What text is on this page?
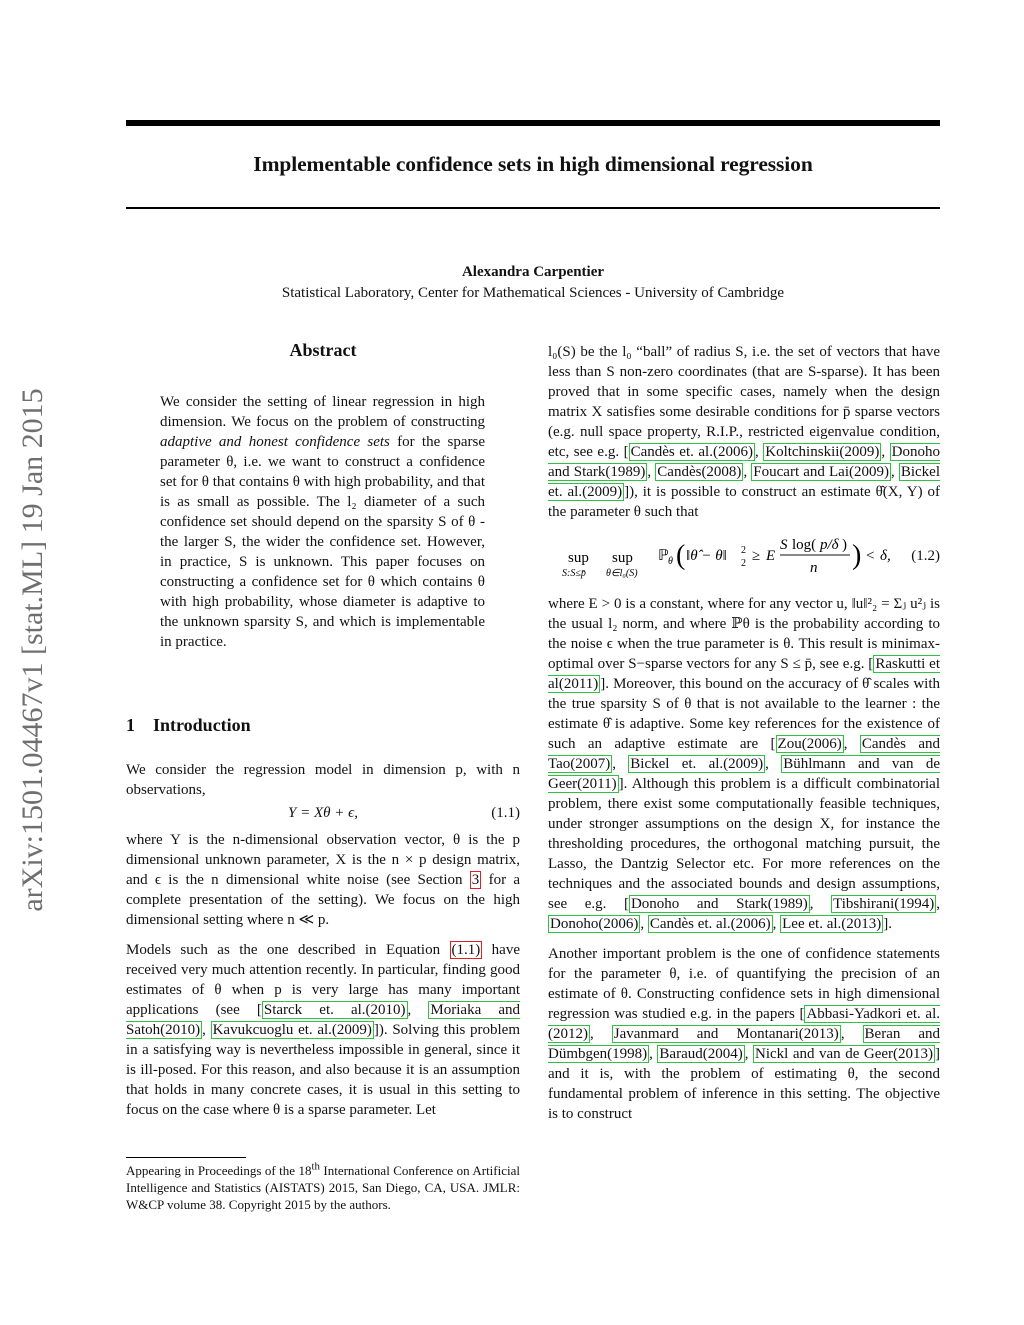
arXiv:1501.04467v1 [stat.ML] 19 Jan 2015
Implementable confidence sets in high dimensional regression
Alexandra Carpentier
Statistical Laboratory, Center for Mathematical Sciences - University of Cambridge
Abstract
We consider the setting of linear regression in high dimension. We focus on the problem of constructing adaptive and honest confidence sets for the sparse parameter θ, i.e. we want to construct a confidence set for θ that contains θ with high probability, and that is as small as possible. The l₂ diameter of a such confidence set should depend on the sparsity S of θ - the larger S, the wider the confidence set. However, in practice, S is unknown. This paper focuses on constructing a confidence set for θ which contains θ with high probability, whose diameter is adaptive to the unknown sparsity S, and which is implementable in practice.
1 Introduction
We consider the regression model in dimension p, with n observations,
Y = Xθ + ϵ,	(1.1)
where Y is the n-dimensional observation vector, θ is the p dimensional unknown parameter, X is the n × p design matrix, and ϵ is the n dimensional white noise (see Section 3 for a complete presentation of the setting). We focus on the high dimensional setting where n ≪ p.
Models such as the one described in Equation (1.1) have received very much attention recently. In particular, finding good estimates of θ when p is very large has many important applications (see [ Starck et. al.(2010) , Moriaka and Satoh(2010) , Kavukcuoglu et. al.(2009) ]). Solving this problem in a satisfying way is nevertheless impossible in general, since it is ill-posed. For this reason, and also because it is an assumption that holds in many concrete cases, it is usual in this setting to focus on the case where θ is a sparse parameter. Let
Appearing in Proceedings of the 18th International Conference on Artificial Intelligence and Statistics (AISTATS) 2015, San Diego, CA, USA. JMLR: W&CP volume 38. Copyright 2015 by the authors.
l₀(S) be the l₀ “ball” of radius S, i.e. the set of vectors that have less than S non-zero coordinates (that are S-sparse). It has been proved that in some specific cases, namely when the design matrix X satisfies some desirable conditions for p̄ sparse vectors (e.g. null space property, R.I.P., restricted eigenvalue condition, etc, see e.g. [ Candès et. al.(2006) , Koltchinskii(2009) , Donoho and Stark(1989) , Candès(2008) , Foucart and Lai(2009) , Bickel et. al.(2009) ]), it is possible to construct an estimate θ̂(X, Y) of the parameter θ such that
sup
S:S≤p̄
sup
θ∈l₀(S)
ℙ θ ( ‖θ̂ − θ‖ 2
2 ≥ E
S log( p/δ )
n ) < δ, (1.2)
where E > 0 is a constant, where for any vector u, ‖u‖²₂ = Σⱼ u²ⱼ is the usual l₂ norm, and where ℙθ is the probability according to the noise ϵ when the true parameter is θ. This result is minimax-optimal over S−sparse vectors for any S ≤ p̄, see e.g. [ Raskutti et al(2011) ]. Moreover, this bound on the accuracy of θ̂ scales with the true sparsity S of θ that is not available to the learner : the estimate θ̂ is adaptive. Some key references for the existence of such an adaptive estimate are [ Zou(2006) , Candès and Tao(2007) , Bickel et. al.(2009) , Bühlmann and van de Geer(2011) ]. Although this problem is a difficult combinatorial problem, there exist some computationally feasible techniques, under stronger assumptions on the design X, for instance the thresholding procedures, the orthogonal matching pursuit, the Lasso, the Dantzig Selector etc. For more references on the techniques and the associated bounds and design assumptions, see e.g. [ Donoho and Stark(1989) , Tibshirani(1994) , Donoho(2006) , Candès et. al.(2006) , Lee et. al.(2013) ].
Another important problem is the one of confidence statements for the parameter θ, i.e. of quantifying the precision of an estimate of θ. Constructing confidence sets in high dimensional regression was studied e.g. in the papers [ Abbasi-Yadkori et. al.(2012) , Javanmard and Montanari(2013) , Beran and Dümbgen(1998) , Baraud(2004) , Nickl and van de Geer(2013) ] and it is, with the problem of estimating θ, the second fundamental problem of inference in this setting. The objective is to construct
